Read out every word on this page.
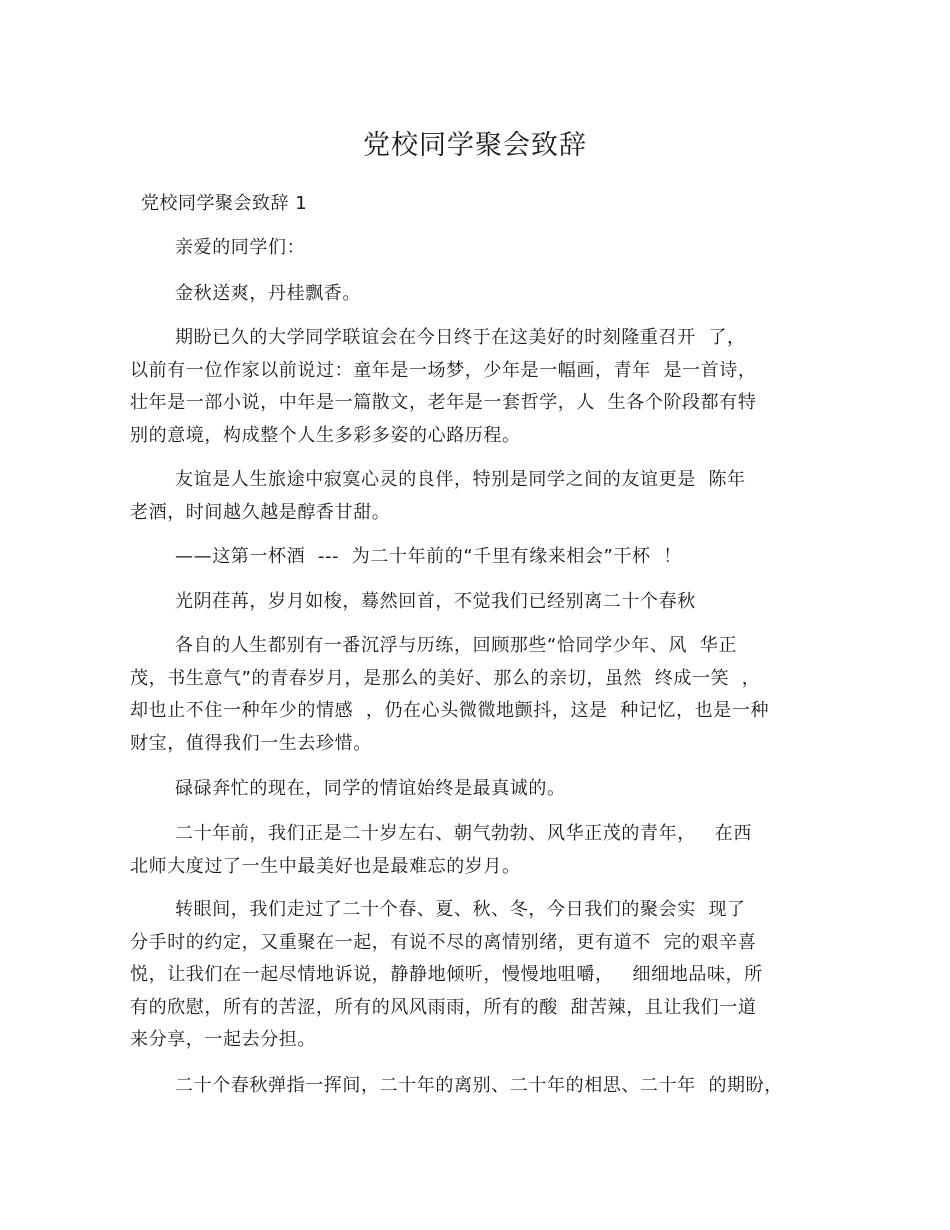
党校同学聚会致辞

党校同学聚会致辞 1

亲爱的同学们：

金秋送爽，丹桂飘香。

期盼已久的大学同学联谊会在今日终于在这美好的时刻隆重召开  了，
以前有一位作家以前说过：童年是一场梦，少年是一幅画，青年  是一首诗，
壮年是一部小说，中年是一篇散文，老年是一套哲学，人  生各个阶段都有特
别的意境，构成整个人生多彩多姿的心路历程。

友谊是人生旅途中寂寞心灵的良伴，特别是同学之间的友谊更是  陈年
老酒，时间越久越是醇香甘甜。

——这第一杯酒  ---  为二十年前的“千里有缘来相会”干杯  ！

光阴荏苒，岁月如梭，蓦然回首，不觉我们已经别离二十个春秋

各自的人生都别有一番沉浮与历练，回顾那些“恰同学少年、风  华正
茂，书生意气”的青春岁月，是那么的美好、那么的亲切，虽然  终成一笑  ，
却也止不住一种年少的情感  ，仍在心头微微地颤抖，这是  种记忆，也是一种
财宝，值得我们一生去珍惜。

碌碌奔忙的现在，同学的情谊始终是最真诚的。

二十年前，我们正是二十岁左右、朝气勃勃、风华正茂的青年，   在西
北师大度过了一生中最美好也是最难忘的岁月。

转眼间，我们走过了二十个春、夏、秋、冬，今日我们的聚会实  现了
分手时的约定，又重聚在一起，有说不尽的离情别绪，更有道不  完的艰辛喜
悦，让我们在一起尽情地诉说，静静地倾听，慢慢地咀嚼，   细细地品味，所
有的欣慰，所有的苦涩，所有的风风雨雨，所有的酸  甜苦辣，且让我们一道
来分享，一起去分担。

二十个春秋弹指一挥间，二十年的离别、二十年的相思、二十年  的期盼，
